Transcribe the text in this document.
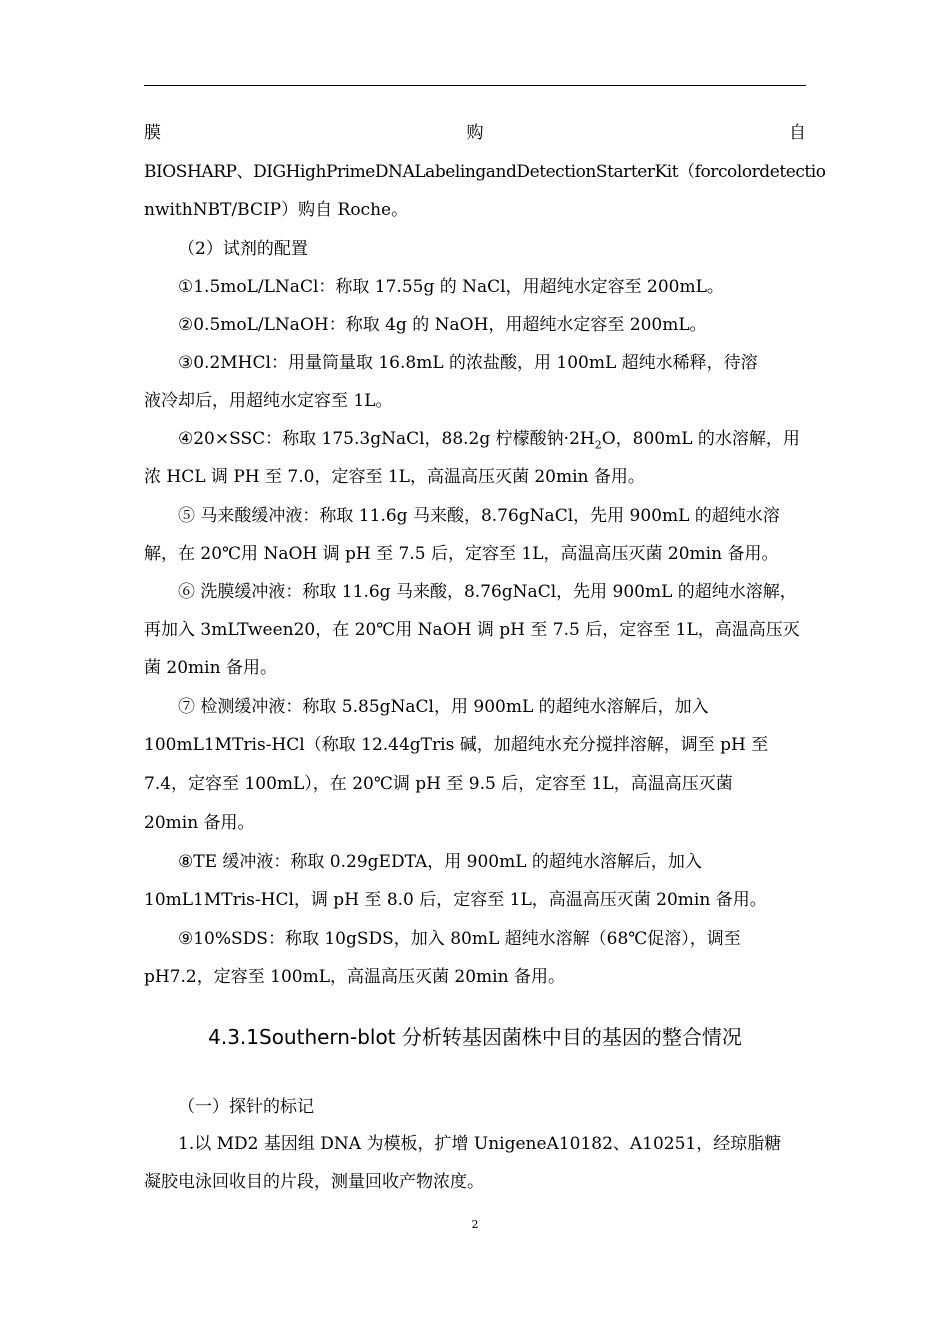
膜	购	自
BIOSHARP、DIGHighPrimeDNALabelingandDetectionStarterKit（forcolordetectio
nwithNBT/BCIP）购自 Roche。
（2）试剂的配置
①1.5moL/LNaCl：称取 17.55g 的 NaCl，用超纯水定容至 200mL。
②0.5moL/LNaOH：称取 4g 的 NaOH，用超纯水定容至 200mL。
③0.2MHCl：用量筒量取 16.8mL 的浓盐酸，用 100mL 超纯水稀释，待溶
液冷却后，用超纯水定容至 1L。
④20×SSC：称取 175.3gNaCl，88.2g 柠檬酸钠$\cdot 2H_2O$，800mL 的水溶解，用
浓 HCL 调 PH 至 7.0，定容至 1L，高温高压灭菌 20min 备用。
⑤ 马来酸缓冲液：称取 11.6g 马来酸，8.76gNaCl，先用 900mL 的超纯水溶
解，在 20℃用 NaOH 调 pH 至 7.5 后，定容至 1L，高温高压灭菌 20min 备用。
⑥ 洗膜缓冲液：称取 11.6g 马来酸，8.76gNaCl，先用 900mL 的超纯水溶解，
再加入 3mLTween20，在 20℃用 NaOH 调 pH 至 7.5 后，定容至 1L，高温高压灭
菌 20min 备用。
⑦ 检测缓冲液：称取 5.85gNaCl，用 900mL 的超纯水溶解后，加入
100mL1MTris-HCl（称取 12.44gTris 碱，加超纯水充分搅拌溶解，调至 pH 至
7.4，定容至 100mL），在 20℃调 pH 至 9.5 后，定容至 1L，高温高压灭菌
20min 备用。
⑧TE 缓冲液：称取 0.29gEDTA，用 900mL 的超纯水溶解后，加入
10mL1MTris-HCl，调 pH 至 8.0 后，定容至 1L，高温高压灭菌 20min 备用。
⑨10%SDS：称取 10gSDS，加入 80mL 超纯水溶解（68℃促溶），调至
pH7.2，定容至 100mL，高温高压灭菌 20min 备用。
4.3.1Southern-blot 分析转基因菌株中目的基因的整合情况
（一）探针的标记
1.以 MD2 基因组 DNA 为模板，扩增 UnigeneA10182、A10251，经琼脂糖
凝胶电泳回收目的片段，测量回收产物浓度。
2
